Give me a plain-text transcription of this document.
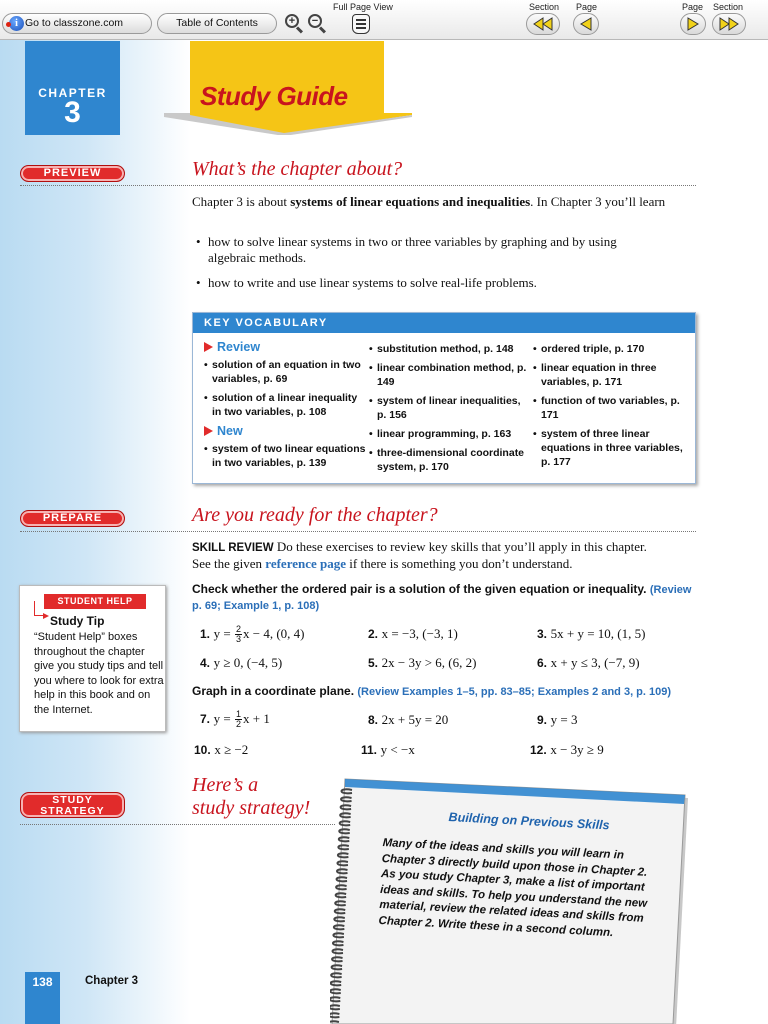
i Go to classzone.com	Table of Contents	+	−
Full Page View	Section Page	Page Section
CHAPTER
3	Study Guide
PREVIEW	What’s the chapter about?
Chapter 3 is about systems of linear equations and inequalities. In Chapter 3 you’ll learn
• how to solve linear systems in two or three variables by graphing and by using algebraic methods.
• how to write and use linear systems to solve real-life problems.
KEY VOCABULARY
Review
• solution of an equation in two variables, p. 69
• solution of a linear inequality in two variables, p. 108
New
• system of two linear equations in two variables, p. 139
• substitution method, p. 148
• linear combination method, p. 149
• system of linear inequalities, p. 156
• linear programming, p. 163
• three-dimensional coordinate system, p. 170
• ordered triple, p. 170
• linear equation in three variables, p. 171
• function of two variables, p. 171
• system of three linear equations in three variables, p. 177
PREPARE	Are you ready for the chapter?
SKILL REVIEW Do these exercises to review key skills that you’ll apply in this chapter. See the given reference page if there is something you don’t understand.
STUDENT HELP
Study Tip
“Student Help” boxes throughout the chapter give you study tips and tell you where to look for extra help in this book and on the Internet.
Check whether the ordered pair is a solution of the given equation or inequality. (Review p. 69; Example 1, p. 108)
1. $y = \frac{2}{3}$ x − 4, (0, 4)	2. x = −3, (−3, 1)	3. 5x + y = 10, (1, 5)
4. y ≥ 0, (−4, 5)	5. 2x − 3y > 6, (6, 2)	6. x + y ≤ 3, (−7, 9)
Graph in a coordinate plane. (Review Examples 1–5, pp. 83–85; Examples 2 and 3, p. 109)
7. $y = \frac{1}{2}$ x + 1	8. 2x + 5y = 20	9. y = 3
10. x ≥ −2	11. y < −x	12. x − 3y ≥ 9
STUDY
STRATEGY
Here’s a
study strategy!
Building on Previous Skills
Many of the ideas and skills you will learn in Chapter 3 directly build upon those in Chapter 2. As you study Chapter 3, make a list of important ideas and skills. To help you understand the new material, review the related ideas and skills from Chapter 2. Write these in a second column.
138	Chapter 3
